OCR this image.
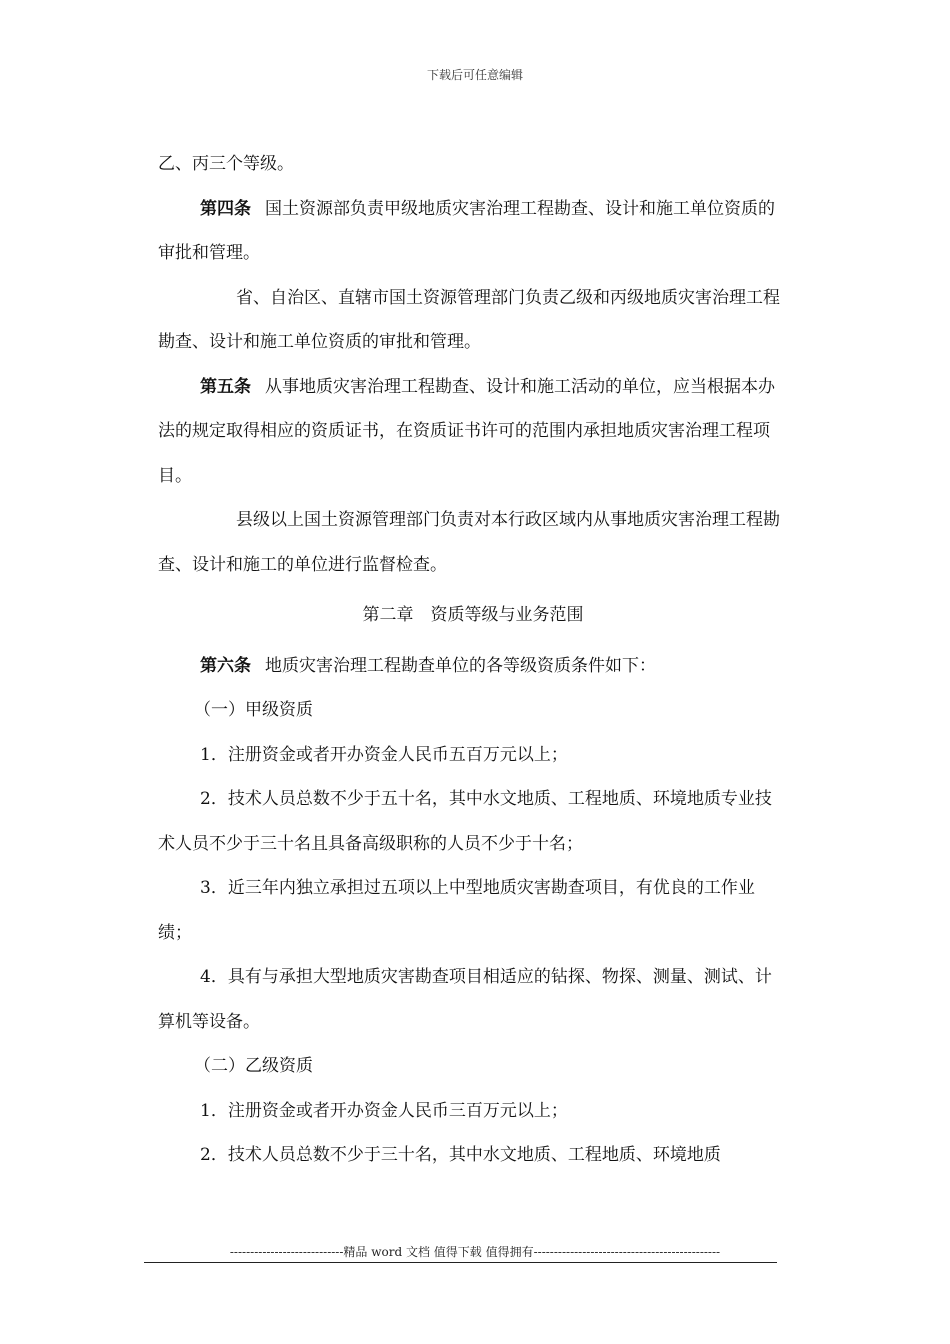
下载后可任意编辑

乙、丙三个等级。

第四条 国土资源部负责甲级地质灾害治理工程勘查、设计和施工单位资质的审批和管理。

省、自治区、直辖市国土资源管理部门负责乙级和丙级地质灾害治理工程勘查、设计和施工单位资质的审批和管理。

第五条 从事地质灾害治理工程勘查、设计和施工活动的单位，应当根据本办法的规定取得相应的资质证书，在资质证书许可的范围内承担地质灾害治理工程项目。

县级以上国土资源管理部门负责对本行政区域内从事地质灾害治理工程勘查、设计和施工的单位进行监督检查。

第二章　资质等级与业务范围

第六条 地质灾害治理工程勘查单位的各等级资质条件如下：

（一）甲级资质

1．注册资金或者开办资金人民币五百万元以上；

2．技术人员总数不少于五十名，其中水文地质、工程地质、环境地质专业技术人员不少于三十名且具备高级职称的人员不少于十名；

3．近三年内独立承担过五项以上中型地质灾害勘查项目，有优良的工作业绩；

4．具有与承担大型地质灾害勘查项目相适应的钻探、物探、测量、测试、计算机等设备。

（二）乙级资质

1．注册资金或者开办资金人民币三百万元以上；

2．技术人员总数不少于三十名，其中水文地质、工程地质、环境地质

----------------------------精品 word 文档 值得下载 值得拥有----------------------------------------------
